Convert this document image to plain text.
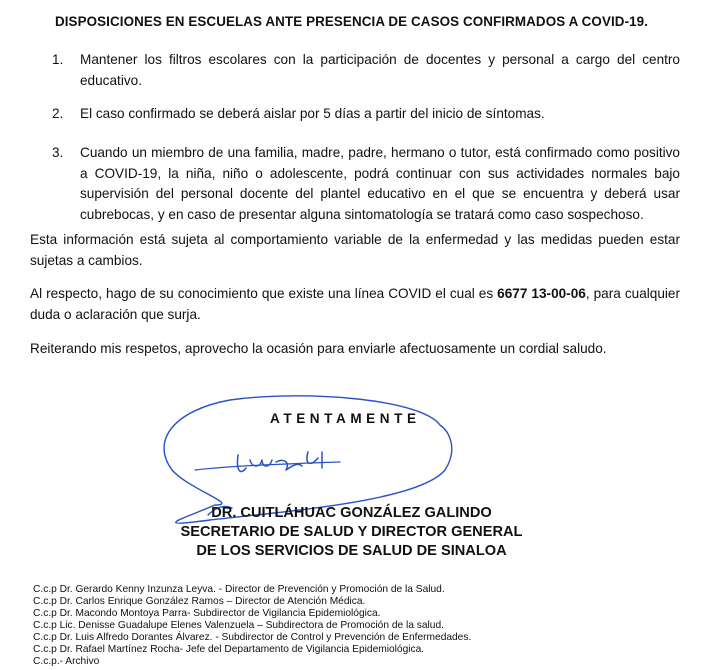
DISPOSICIONES EN ESCUELAS ANTE PRESENCIA DE CASOS CONFIRMADOS A COVID-19.
1. Mantener los filtros escolares con la participación de docentes y personal a cargo del centro educativo.
2. El caso confirmado se deberá aislar por 5 días a partir del inicio de síntomas.
3. Cuando un miembro de una familia, madre, padre, hermano o tutor, está confirmado como positivo a COVID-19, la niña, niño o adolescente, podrá continuar con sus actividades normales bajo supervisión del personal docente del plantel educativo en el que se encuentra y deberá usar cubrebocas, y en caso de presentar alguna sintomatología se tratará como caso sospechoso.
Esta información está sujeta al comportamiento variable de la enfermedad y las medidas pueden estar sujetas a cambios.
Al respecto, hago de su conocimiento que existe una línea COVID el cual es 6677 13-00-06, para cualquier duda o aclaración que surja.
Reiterando mis respetos, aprovecho la ocasión para enviarle afectuosamente un cordial saludo.
ATENTAMENTE
DR. CUITLÁHUAC GONZÁLEZ GALINDO
SECRETARIO DE SALUD Y DIRECTOR GENERAL
DE LOS SERVICIOS DE SALUD DE SINALOA
C.c.p Dr. Gerardo Kenny Inzunza Leyva. - Director de Prevención y Promoción de la Salud.
C.c.p Dr. Carlos Enrique González Ramos – Director de Atención Médica.
C.c.p Dr. Macondo Montoya Parra- Subdirector de Vigilancia Epidemiológica.
C.c.p Lic. Denisse Guadalupe Elenes Valenzuela – Subdirectora de Promoción de la salud.
C.c.p Dr. Luis Alfredo Dorantes Álvarez. - Subdirector de Control y Prevención de Enfermedades.
C.c.p Dr. Rafael Martínez Rocha- Jefe del Departamento de Vigilancia Epidemiológica.
C.c.p.- Archivo
